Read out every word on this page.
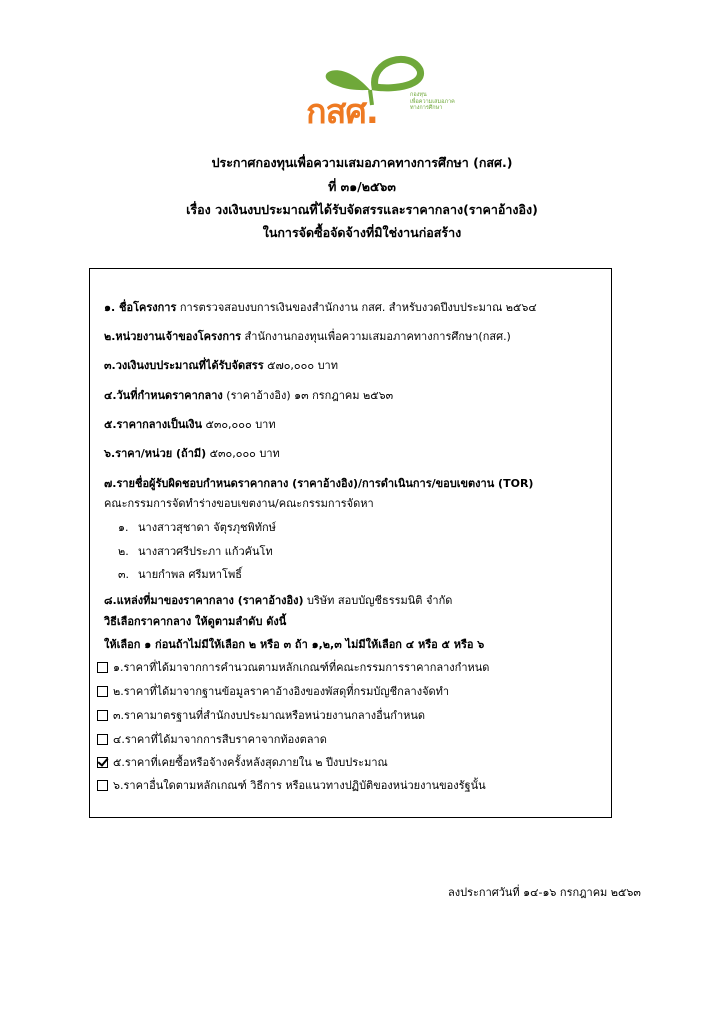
กสศ.	กองทุน
เพื่อความเสมอภาค
ทางการศึกษา
ประกาศกองทุนเพื่อความเสมอภาคทางการศึกษา (กสศ.)
ที่ ๓๑/๒๕๖๓
เรื่อง วงเงินงบประมาณที่ได้รับจัดสรรและราคากลาง(ราคาอ้างอิง)
ในการจัดซื้อจัดจ้างที่มิใช่งานก่อสร้าง
๑. ชื่อโครงการ การตรวจสอบงบการเงินของสำนักงาน กสศ. สำหรับงวดปีงบประมาณ ๒๕๖๔
๒.หน่วยงานเจ้าของโครงการ สำนักงานกองทุนเพื่อความเสมอภาคทางการศึกษา(กสศ.)
๓.วงเงินงบประมาณที่ได้รับจัดสรร ๕๗๐,๐๐๐ บาท
๔.วันที่กำหนดราคากลาง (ราคาอ้างอิง) ๑๓ กรกฎาคม ๒๕๖๓
๕.ราคากลางเป็นเงิน ๕๓๐,๐๐๐ บาท
๖.ราคา/หน่วย (ถ้ามี) ๕๓๐,๐๐๐ บาท
๗.รายชื่อผู้รับผิดชอบกำหนดราคากลาง (ราคาอ้างอิง)/การดำเนินการ/ขอบเขตงาน (TOR)
คณะกรรมการจัดทำร่างขอบเขตงาน/คณะกรรมการจัดหา
๑. นางสาวสุชาดา จัตุรภุชพิทักษ์
๒. นางสาวศรีประภา แก้วคันโท
๓. นายกำพล ศรีมหาโพธิ์
๘.แหล่งที่มาของราคากลาง (ราคาอ้างอิง) บริษัท สอบบัญชีธรรมนิติ จำกัด
วิธีเลือกราคากลาง ให้ดูตามลำดับ ดังนี้
ให้เลือก ๑ ก่อนถ้าไม่มีให้เลือก ๒ หรือ ๓ ถ้า ๑,๒,๓ ไม่มีให้เลือก ๔ หรือ ๕ หรือ ๖
๑.ราคาที่ได้มาจากการคำนวณตามหลักเกณฑ์ที่คณะกรรมการราคากลางกำหนด
๒.ราคาที่ได้มาจากฐานข้อมูลราคาอ้างอิงของพัสดุที่กรมบัญชีกลางจัดทำ
๓.ราคามาตรฐานที่สำนักงบประมาณหรือหน่วยงานกลางอื่นกำหนด
๔.ราคาที่ได้มาจากการสืบราคาจากท้องตลาด
๕.ราคาที่เคยซื้อหรือจ้างครั้งหลังสุดภายใน ๒ ปีงบประมาณ
๖.ราคาอื่นใดตามหลักเกณฑ์ วิธีการ หรือแนวทางปฏิบัติของหน่วยงานของรัฐนั้น
ลงประกาศวันที่ ๑๔-๑๖ กรกฎาคม ๒๕๖๓
